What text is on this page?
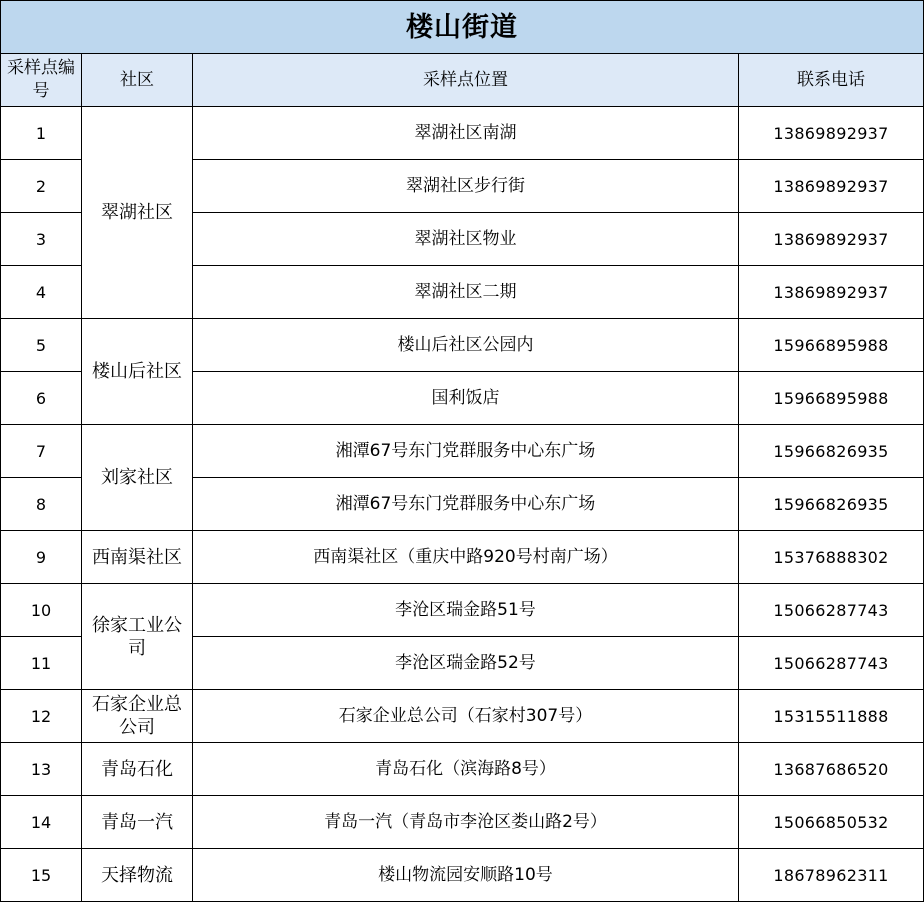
楼山街道			
采样点编号	社区	采样点位置	联系电话
1	翠湖社区	翠湖社区南湖	13869892937
2		翠湖社区步行街	13869892937
3		翠湖社区物业	13869892937
4		翠湖社区二期	13869892937
5	楼山后社区	楼山后社区公园内	15966895988
6		国利饭店	15966895988
7	刘家社区	湘潭67号东门党群服务中心东广场	15966826935
8		湘潭67号东门党群服务中心东广场	15966826935
9	西南渠社区	西南渠社区（重庆中路920号村南广场）	15376888302
10	徐家工业公司	李沧区瑞金路51号	15066287743
11		李沧区瑞金路52号	15066287743
12	石家企业总公司	石家企业总公司（石家村307号）	15315511888
13	青岛石化	青岛石化（滨海路8号）	13687686520
14	青岛一汽	青岛一汽（青岛市李沧区娄山路2号）	15066850532
15	天择物流	楼山物流园安顺路10号	18678962311
